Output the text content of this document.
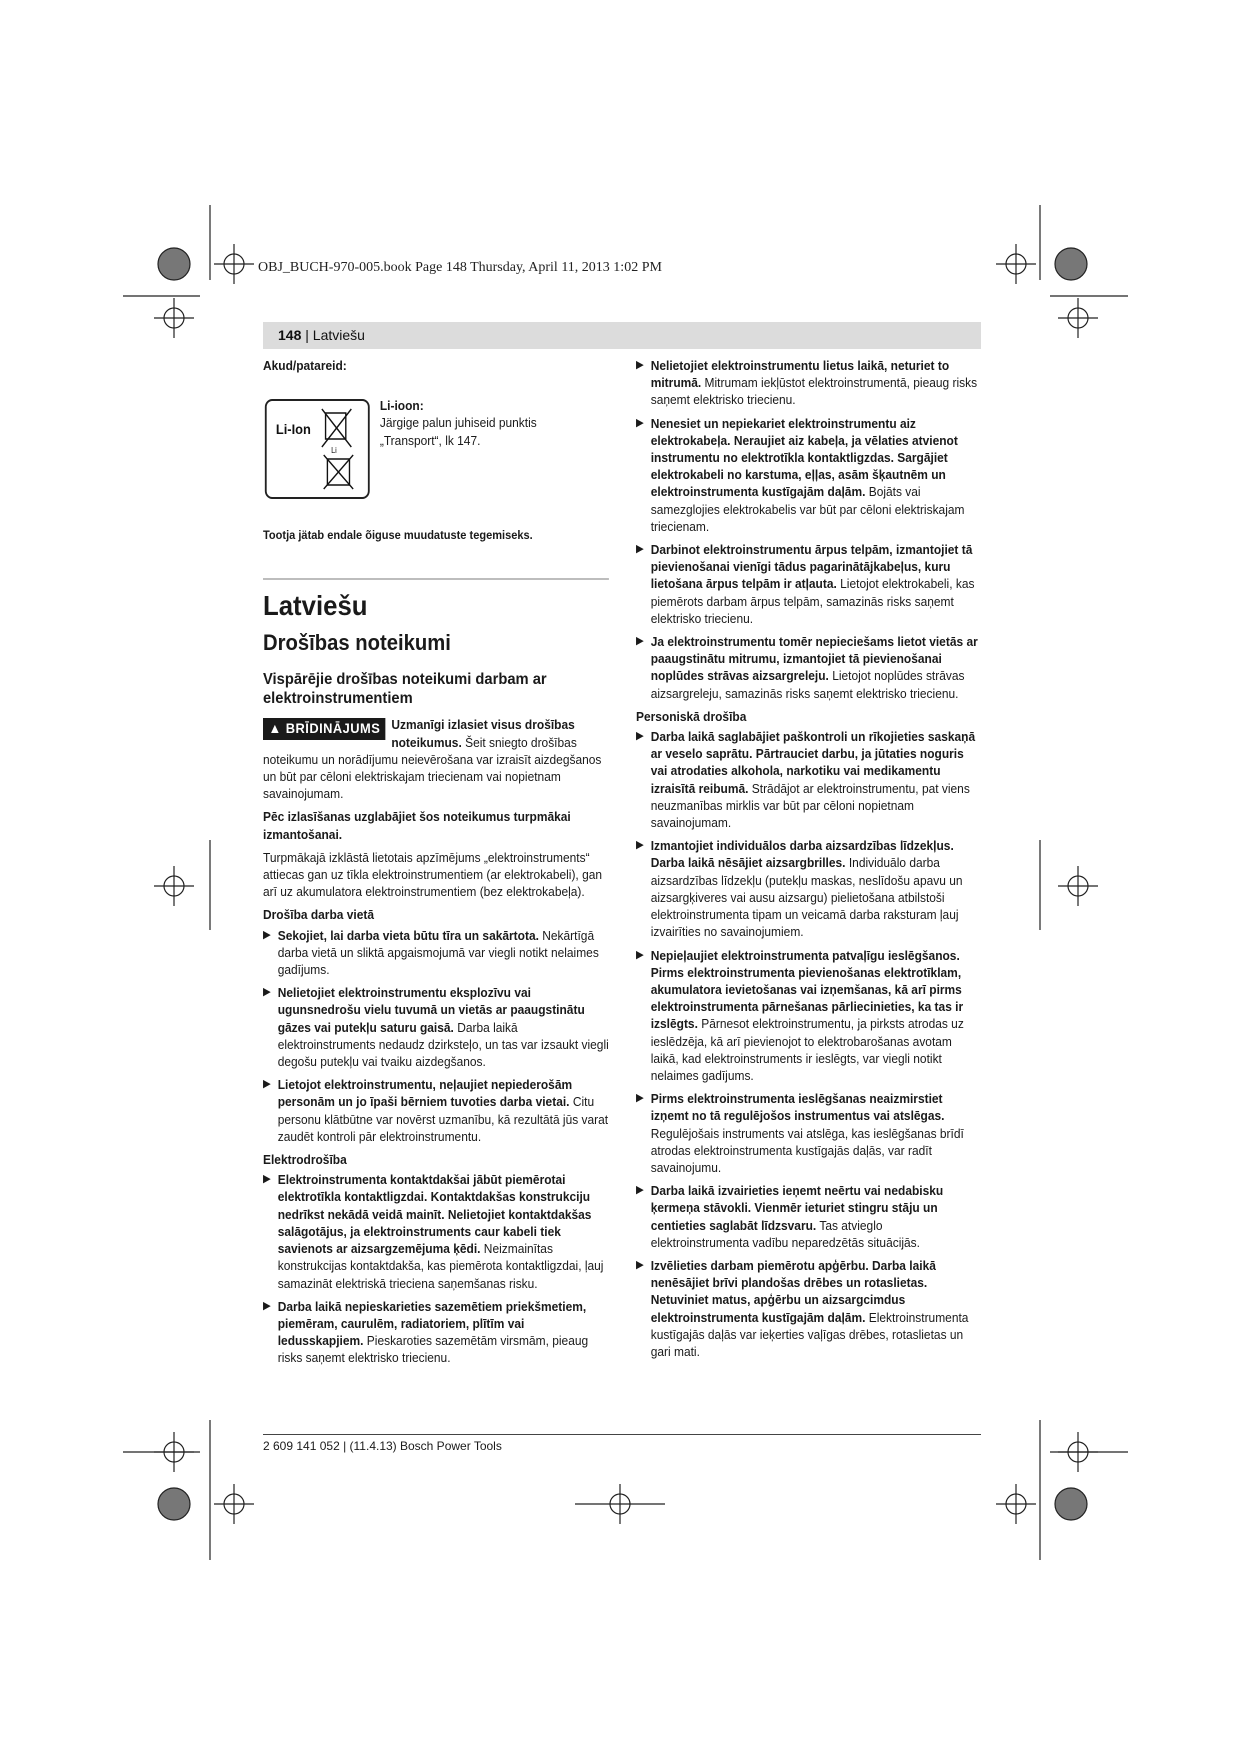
OBJ_BUCH-970-005.book Page 148 Thursday, April 11, 2013 1:02 PM
148 | Latviešu
Akud/patareid:
Li-Ion
Li
Li-ioon:
Järgige palun juhiseid punktis „Transport“, lk 147.

Tootja jätab endale õiguse muudatuste tegemiseks.

Latviešu
Drošības noteikumi
Vispārējie drošības noteikumi darbam ar elektroinstrumentiem

▲ BRĪDINĀJUMS Uzmanīgi izlasiet visus drošības noteikumus. Šeit sniegto drošības noteikumu un norādījumu neievērošana var izraisīt aizdegšanos un būt par cēloni elektriskajam triecienam vai nopietnam savainojumam.

Pēc izlasīšanas uzglabājiet šos noteikumus turpmākai izmantošanai.

Turpmākajā izklāstā lietotais apzīmējums „elektroinstruments“ attiecas gan uz tīkla elektroinstrumentiem (ar elektrokabeli), gan arī uz akumulatora elektroinstrumentiem (bez elektrokabeļa).

Drošība darba vietā
▶ Sekojiet, lai darba vieta būtu tīra un sakārtota. Nekārtīgā darba vietā un sliktā apgaismojumā var viegli notikt nelaimes gadījums.
▶ Nelietojiet elektroinstrumentu eksplozīvu vai ugunsnedrošu vielu tuvumā un vietās ar paaugstinātu gāzes vai putekļu saturu gaisā. Darba laikā elektroinstruments nedaudz dzirksteļo, un tas var izsaukt viegli degošu putekļu vai tvaiku aizdegšanos.
▶ Lietojot elektroinstrumentu, neļaujiet nepiederošām personām un jo īpaši bērniem tuvoties darba vietai. Citu personu klātbūtne var novērst uzmanību, kā rezultātā jūs varat zaudēt kontroli pār elektroinstrumentu.
Elektrodrošība
▶ Elektroinstrumenta kontaktdakšai jābūt piemērotai elektrotīkla kontaktligzdai. Kontaktdakšas konstrukciju nedrīkst nekādā veidā mainīt. Nelietojiet kontaktdakšas salāgotājus, ja elektroinstruments caur kabeli tiek savienots ar aizsargzemējuma ķēdi. Neizmainītas konstrukcijas kontaktdakša, kas piemērota kontaktligzdai, ļauj samazināt elektriskā trieciena saņemšanas risku.
▶ Darba laikā nepieskarieties sazemētiem priekšmetiem, piemēram, caurulēm, radiatoriem, plītīm vai ledusskapjiem. Pieskaroties sazemētām virsmām, pieaug risks saņemt elektrisko triecienu.
▶ Nelietojiet elektroinstrumentu lietus laikā, neturiet to mitrumā. Mitrumam iekļūstot elektroinstrumentā, pieaug risks saņemt elektrisko triecienu.
▶ Nenesiet un nepiekariet elektroinstrumentu aiz elektrokabeļa. Neraujiet aiz kabeļa, ja vēlaties atvienot instrumentu no elektrotīkla kontaktligzdas. Sargājiet elektrokabeli no karstuma, eļļas, asām šķautnēm un elektroinstrumenta kustīgajām daļām. Bojāts vai samezglojies elektrokabelis var būt par cēloni elektriskajam triecienam.
▶ Darbinot elektroinstrumentu ārpus telpām, izmantojiet tā pievienošanai vienīgi tādus pagarinātājkabeļus, kuru lietošana ārpus telpām ir atļauta. Lietojot elektrokabeli, kas piemērots darbam ārpus telpām, samazinās risks saņemt elektrisko triecienu.
▶ Ja elektroinstrumentu tomēr nepieciešams lietot vietās ar paaugstinātu mitrumu, izmantojiet tā pievienošanai noplūdes strāvas aizsargreleju. Lietojot noplūdes strāvas aizsargreleju, samazinās risks saņemt elektrisko triecienu.
Personiskā drošība
▶ Darba laikā saglabājiet paškontroli un rīkojieties saskaņā ar veselo saprātu. Pārtrauciet darbu, ja jūtaties noguris vai atrodaties alkohola, narkotiku vai medikamentu izraisītā reibumā. Strādājot ar elektroinstrumentu, pat viens neuzmanības mirklis var būt par cēloni nopietnam savainojumam.
▶ Izmantojiet individuālos darba aizsardzības līdzekļus. Darba laikā nēsājiet aizsargbrilles. Individuālo darba aizsardzības līdzekļu (putekļu maskas, neslīdošu apavu un aizsargķiveres vai ausu aizsargu) pielietošana atbilstoši elektroinstrumenta tipam un veicamā darba raksturam ļauj izvairīties no savainojumiem.
▶ Nepieļaujiet elektroinstrumenta patvaļīgu ieslēgšanos. Pirms elektroinstrumenta pievienošanas elektrotīklam, akumulatora ievietošanas vai izņemšanas, kā arī pirms elektroinstrumenta pārnešanas pārliecinieties, ka tas ir izslēgts. Pārnesot elektroinstrumentu, ja pirksts atrodas uz ieslēdzēja, kā arī pievienojot to elektrobarošanas avotam laikā, kad elektroinstruments ir ieslēgts, var viegli notikt nelaimes gadījums.
▶ Pirms elektroinstrumenta ieslēgšanas neaizmirstiet izņemt no tā regulējošos instrumentus vai atslēgas. Regulējošais instruments vai atslēga, kas ieslēgšanas brīdī atrodas elektroinstrumenta kustīgajās daļās, var radīt savainojumu.
▶ Darba laikā izvairieties ieņemt neērtu vai nedabisku ķermeņa stāvokli. Vienmēr ieturiet stingru stāju un centieties saglabāt līdzsvaru. Tas atvieglo elektroinstrumenta vadību neparedzētās situācijās.
▶ Izvēlieties darbam piemērotu apģērbu. Darba laikā nenēsājiet brīvi plandošas drēbes un rotaslietas. Netuviniet matus, apģērbu un aizsargcimdus elektroinstrumenta kustīgajām daļām. Elektroinstrumenta kustīgajās daļās var ieķerties vaļīgas drēbes, rotaslietas un gari mati.
2 609 141 052 | (11.4.13) Bosch Power Tools
